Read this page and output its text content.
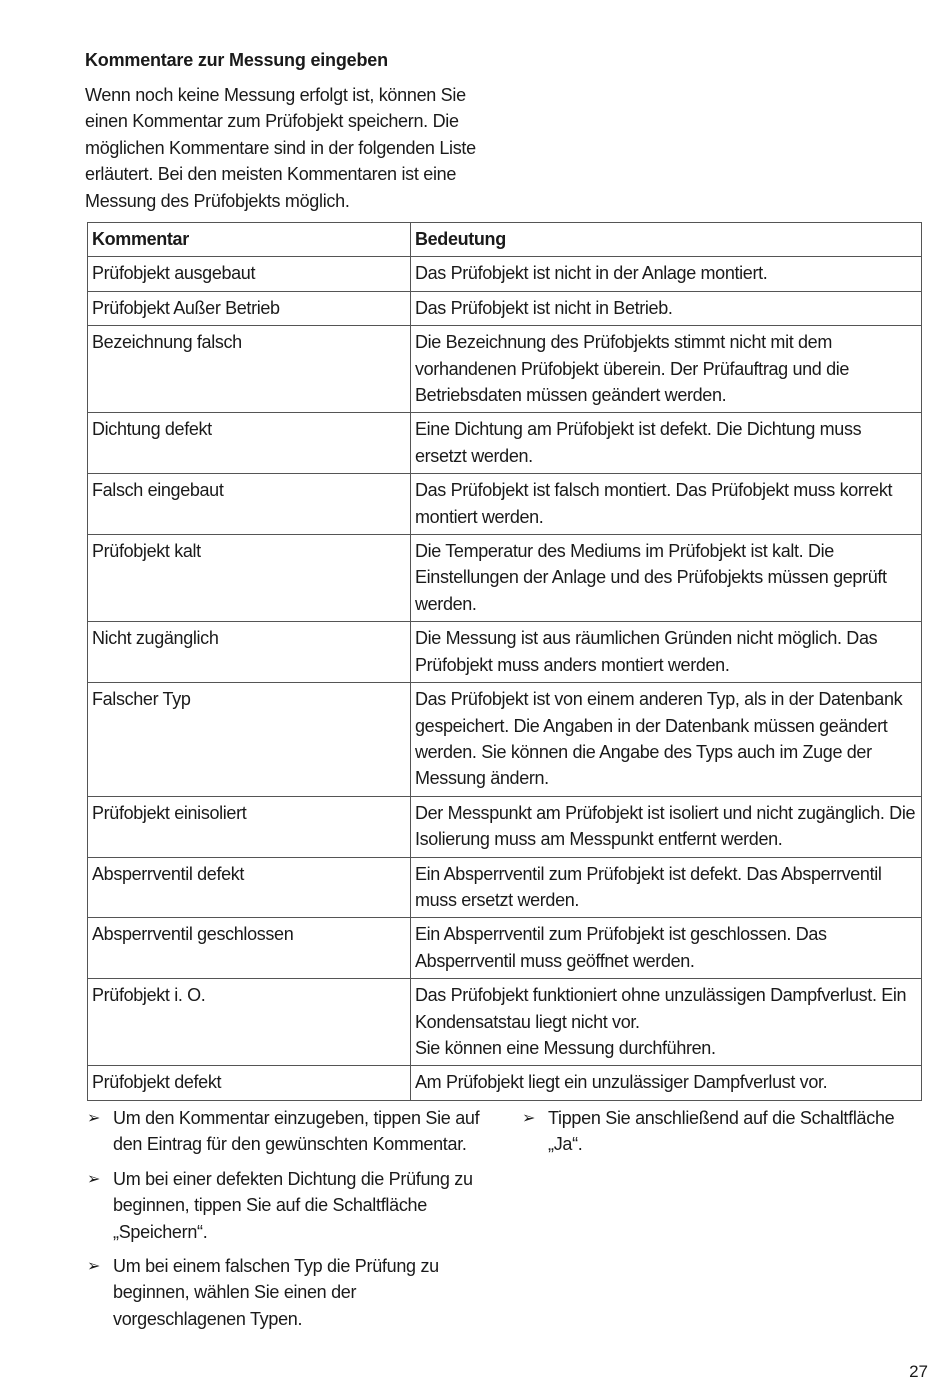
Kommentare zur Messung eingeben

Wenn noch keine Messung erfolgt ist, können Sie einen Kommentar zum Prüfobjekt speichern. Die möglichen Kommentare sind in der folgenden Liste erläutert. Bei den meisten Kommentaren ist eine Messung des Prüfobjekts möglich.

Kommentar	Bedeutung
Prüfobjekt ausgebaut	Das Prüfobjekt ist nicht in der Anlage montiert.
Prüfobjekt Außer Betrieb	Das Prüfobjekt ist nicht in Betrieb.
Bezeichnung falsch	Die Bezeichnung des Prüfobjekts stimmt nicht mit dem vorhandenen Prüfobjekt überein. Der Prüfauftrag und die Betriebsdaten müssen geändert werden.
Dichtung defekt	Eine Dichtung am Prüfobjekt ist defekt. Die Dichtung muss ersetzt werden.
Falsch eingebaut	Das Prüfobjekt ist falsch montiert. Das Prüfobjekt muss korrekt montiert werden.
Prüfobjekt kalt	Die Temperatur des Mediums im Prüfobjekt ist kalt. Die Einstellungen der Anlage und des Prüfobjekts müssen geprüft werden.
Nicht zugänglich	Die Messung ist aus räumlichen Gründen nicht möglich. Das Prüfobjekt muss anders montiert werden.
Falscher Typ	Das Prüfobjekt ist von einem anderen Typ, als in der Datenbank gespeichert. Die Angaben in der Datenbank müssen geändert werden. Sie können die Angabe des Typs auch im Zuge der Messung ändern.
Prüfobjekt einisoliert	Der Messpunkt am Prüfobjekt ist isoliert und nicht zugänglich. Die Isolierung muss am Messpunkt entfernt werden.
Absperrventil defekt	Ein Absperrventil zum Prüfobjekt ist defekt. Das Absperrventil muss ersetzt werden.
Absperrventil geschlossen	Ein Absperrventil zum Prüfobjekt ist geschlossen. Das Absperrventil muss geöffnet werden.
Prüfobjekt i. O.	Das Prüfobjekt funktioniert ohne unzulässigen Dampfverlust. Ein Kondensatstau liegt nicht vor.
Sie können eine Messung durchführen.

Prüfobjekt defekt	Am Prüfobjekt liegt ein unzulässiger Dampfverlust vor.
➢ Um den Kommentar einzugeben, tippen Sie auf den Eintrag für den gewünschten Kommentar.
➢ Um bei einer defekten Dichtung die Prüfung zu beginnen, tippen Sie auf die Schaltfläche „Speichern“.
➢ Um bei einem falschen Typ die Prüfung zu beginnen, wählen Sie einen der vorgeschlagenen Typen.
➢ Tippen Sie anschließend auf die Schaltfläche „Ja“.
27
